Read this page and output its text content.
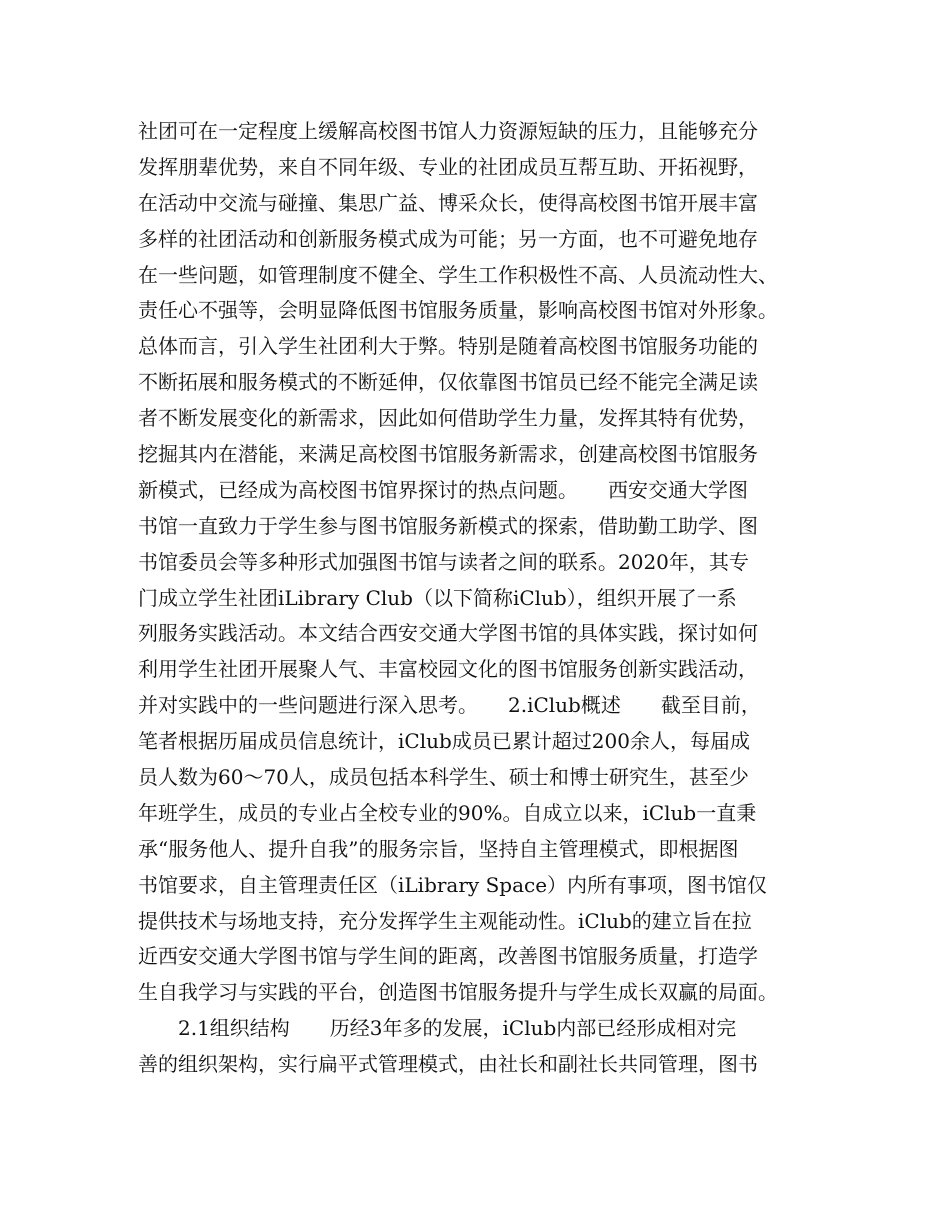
社团可在一定程度上缓解高校图书馆人力资源短缺的压力，且能够充分
发挥朋辈优势，来自不同年级、专业的社团成员互帮互助、开拓视野，
在活动中交流与碰撞、集思广益、博采众长，使得高校图书馆开展丰富
多样的社团活动和创新服务模式成为可能；另一方面，也不可避免地存
在一些问题，如管理制度不健全、学生工作积极性不高、人员流动性大、
责任心不强等，会明显降低图书馆服务质量，影响高校图书馆对外形象。
总体而言，引入学生社团利大于弊。特别是随着高校图书馆服务功能的
不断拓展和服务模式的不断延伸，仅依靠图书馆员已经不能完全满足读
者不断发展变化的新需求，因此如何借助学生力量，发挥其特有优势，
挖掘其内在潜能，来满足高校图书馆服务新需求，创建高校图书馆服务
新模式，已经成为高校图书馆界探讨的热点问题。　　西安交通大学图
书馆一直致力于学生参与图书馆服务新模式的探索，借助勤工助学、图
书馆委员会等多种形式加强图书馆与读者之间的联系。2020年，其专
门成立学生社团iLibrary Club（以下简称iClub），组织开展了一系
列服务实践活动。本文结合西安交通大学图书馆的具体实践，探讨如何
利用学生社团开展聚人气、丰富校园文化的图书馆服务创新实践活动，
并对实践中的一些问题进行深入思考。　　2.iClub概述　　截至目前，
笔者根据历届成员信息统计，iClub成员已累计超过200余人，每届成
员人数为60～70人，成员包括本科学生、硕士和博士研究生，甚至少
年班学生，成员的专业占全校专业的90%。自成立以来，iClub一直秉
承“服务他人、提升自我”的服务宗旨，坚持自主管理模式，即根据图
书馆要求，自主管理责任区（iLibrary Space）内所有事项，图书馆仅
提供技术与场地支持，充分发挥学生主观能动性。iClub的建立旨在拉
近西安交通大学图书馆与学生间的距离，改善图书馆服务质量，打造学
生自我学习与实践的平台，创造图书馆服务提升与学生成长双赢的局面。
　　2.1组织结构　　历经3年多的发展，iClub内部已经形成相对完
善的组织架构，实行扁平式管理模式，由社长和副社长共同管理，图书
